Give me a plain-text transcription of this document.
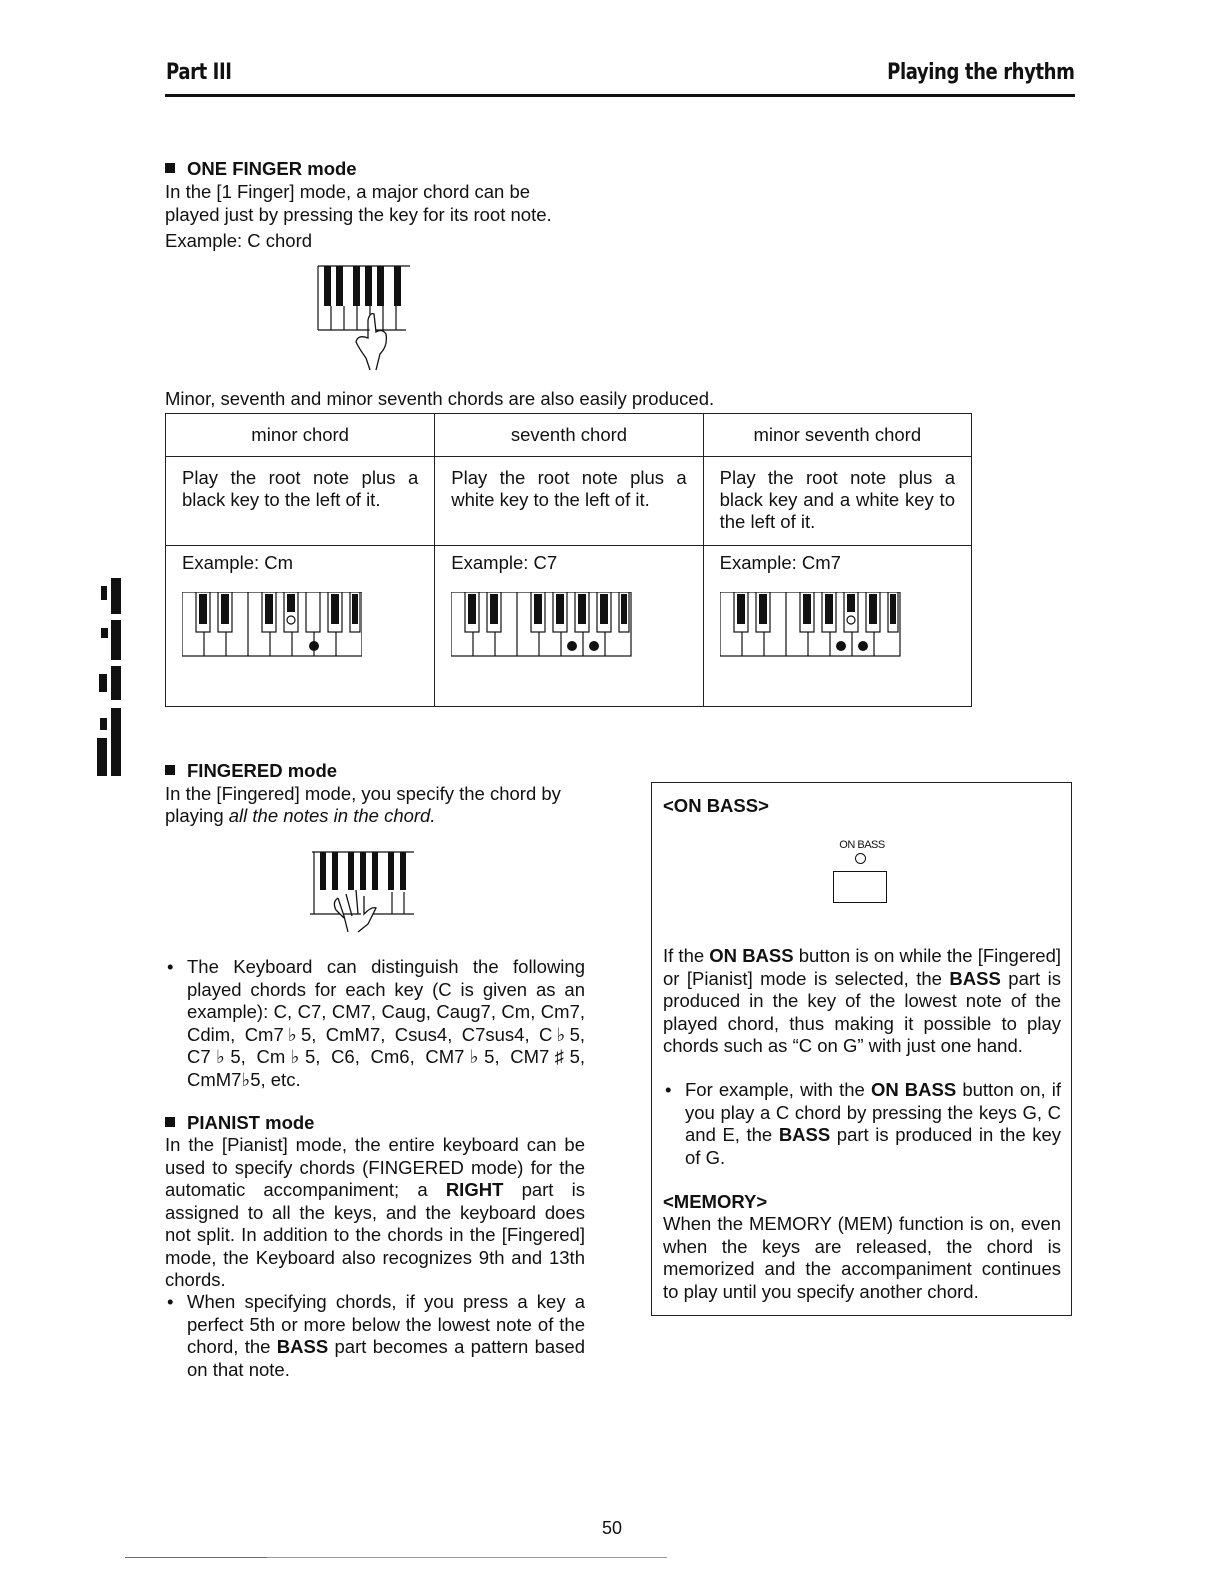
Part III	Playing the rhythm
ONE FINGER mode
In the [1 Finger] mode, a major chord can be
played just by pressing the key for its root note.
Example: C chord
Minor, seventh and minor seventh chords are also easily produced.
minor chord	seventh chord	minor seventh chord
Play the root note plus a black key to the left of it.	Play the root note plus a white key to the left of it.	Play the root note plus a black key and a white key to the left of it.

Example: Cm	Example: C7	Example: Cm7
FINGERED mode
In the [Fingered] mode, you specify the chord by
playing all the notes in the chord.
• The Keyboard can distinguish the following played chords for each key (C is given as an example): C, C7, CM7, Caug, Caug7, Cm, Cm7, Cdim, Cm7♭5, CmM7, Csus4, C7sus4, C♭5, C7♭5, Cm♭5, C6, Cm6, CM7♭5, CM7♯5, CmM7♭5, etc.
PIANIST mode
In the [Pianist] mode, the entire keyboard can be used to specify chords (FINGERED mode) for the automatic accompaniment; a RIGHT part is assigned to all the keys, and the keyboard does not split. In addition to the chords in the [Fingered] mode, the Keyboard also recognizes 9th and 13th chords.
• When specifying chords, if you press a key a perfect 5th or more below the lowest note of the chord, the BASS part becomes a pattern based on that note.
<ON BASS>
ON BASS
If the ON BASS button is on while the [Fingered] or [Pianist] mode is selected, the BASS part is produced in the key of the lowest note of the played chord, thus making it possible to play chords such as “C on G” with just one hand.
• For example, with the ON BASS button on, if you play a C chord by pressing the keys G, C and E, the BASS part is produced in the key of G.
<MEMORY>
When the MEMORY (MEM) function is on, even when the keys are released, the chord is memorized and the accompaniment continues to play until you specify another chord.
50
